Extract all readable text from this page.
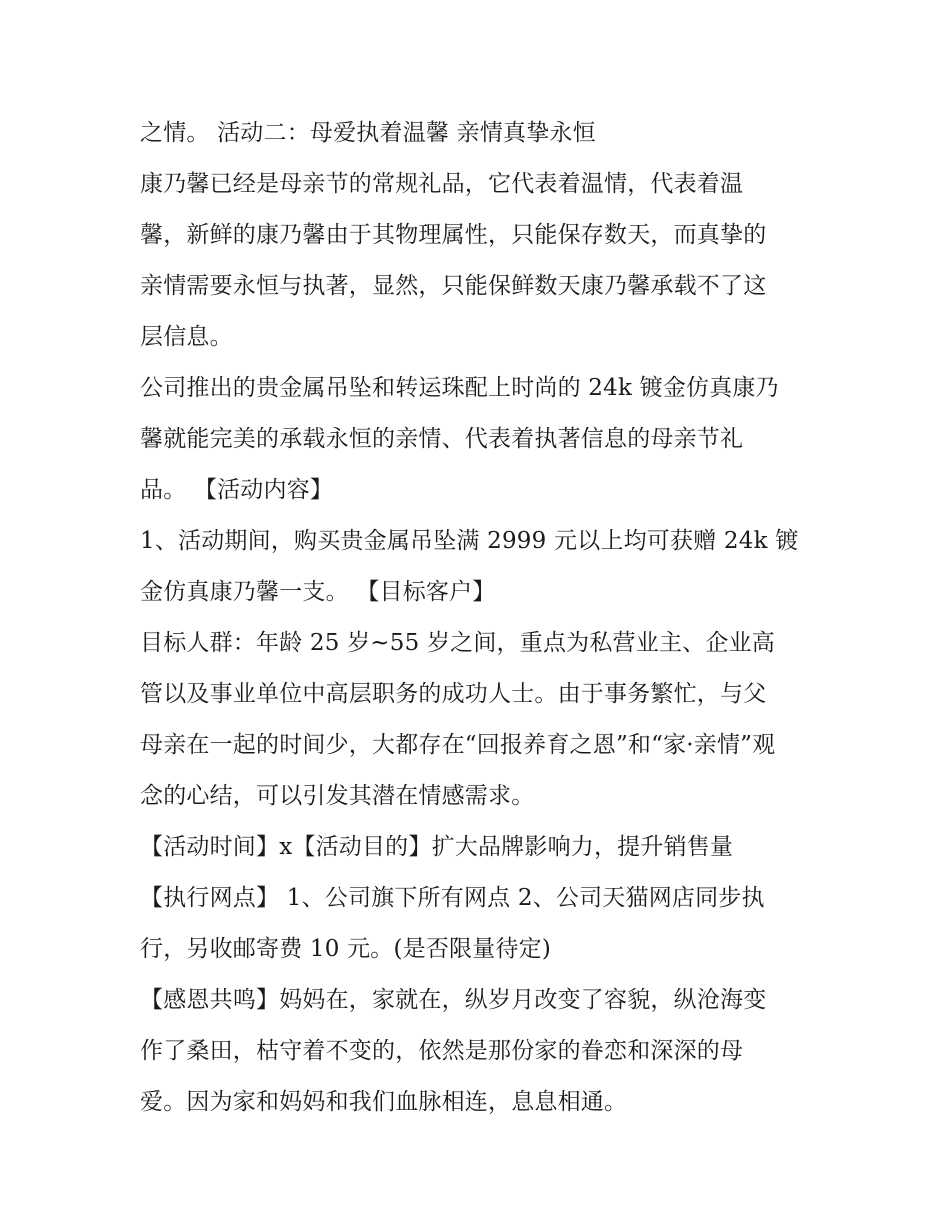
之情。 活动二：母爱执着温馨 亲情真挚永恒
康乃馨已经是母亲节的常规礼品，它代表着温情，代表着温
馨，新鲜的康乃馨由于其物理属性，只能保存数天，而真挚的
亲情需要永恒与执著，显然，只能保鲜数天康乃馨承载不了这
层信息。
公司推出的贵金属吊坠和转运珠配上时尚的 24k 镀金仿真康乃
馨就能完美的承载永恒的亲情、代表着执著信息的母亲节礼
品。 【活动内容】
1、活动期间，购买贵金属吊坠满 2999 元以上均可获赠 24k 镀
金仿真康乃馨一支。 【目标客户】
目标人群：年龄 25 岁~55 岁之间，重点为私营业主、企业高
管以及事业单位中高层职务的成功人士。由于事务繁忙，与父
母亲在一起的时间少，大都存在“回报养育之恩”和“家·亲情”观
念的心结，可以引发其潜在情感需求。
【活动时间】x【活动目的】扩大品牌影响力，提升销售量
【执行网点】 1、公司旗下所有网点 2、公司天猫网店同步执
行，另收邮寄费 10 元。(是否限量待定)
【感恩共鸣】妈妈在，家就在，纵岁月改变了容貌，纵沧海变
作了桑田，枯守着不变的，依然是那份家的眷恋和深深的母
爱。因为家和妈妈和我们血脉相连，息息相通。
